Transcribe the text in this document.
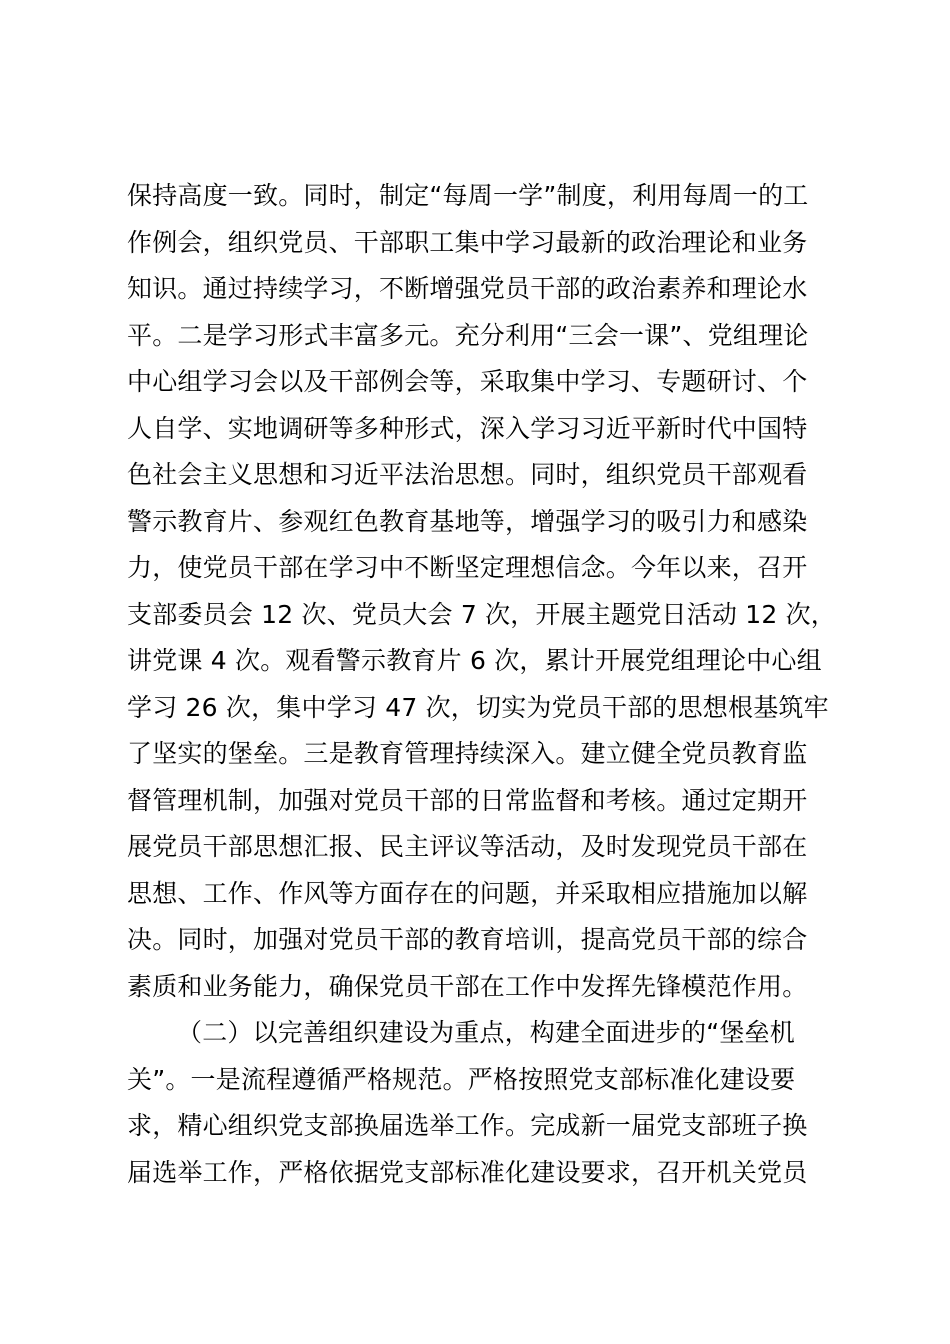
保持高度一致。同时，制定“每周一学”制度，利用每周一的工
作例会，组织党员、干部职工集中学习最新的政治理论和业务
知识。通过持续学习，不断增强党员干部的政治素养和理论水
平。二是学习形式丰富多元。充分利用“三会一课”、党组理论
中心组学习会以及干部例会等，采取集中学习、专题研讨、个
人自学、实地调研等多种形式，深入学习习近平新时代中国特
色社会主义思想和习近平法治思想。同时，组织党员干部观看
警示教育片、参观红色教育基地等，增强学习的吸引力和感染
力，使党员干部在学习中不断坚定理想信念。今年以来，召开
支部委员会 12 次、党员大会 7 次，开展主题党日活动 12 次，
讲党课 4 次。观看警示教育片 6 次，累计开展党组理论中心组
学习 26 次，集中学习 47 次，切实为党员干部的思想根基筑牢
了坚实的堡垒。三是教育管理持续深入。建立健全党员教育监
督管理机制，加强对党员干部的日常监督和考核。通过定期开
展党员干部思想汇报、民主评议等活动，及时发现党员干部在
思想、工作、作风等方面存在的问题，并采取相应措施加以解
决。同时，加强对党员干部的教育培训，提高党员干部的综合
素质和业务能力，确保党员干部在工作中发挥先锋模范作用。
（二）以完善组织建设为重点，构建全面进步的“堡垒机
关”。一是流程遵循严格规范。严格按照党支部标准化建设要
求，精心组织党支部换届选举工作。完成新一届党支部班子换
届选举工作，严格依据党支部标准化建设要求，召开机关党员
